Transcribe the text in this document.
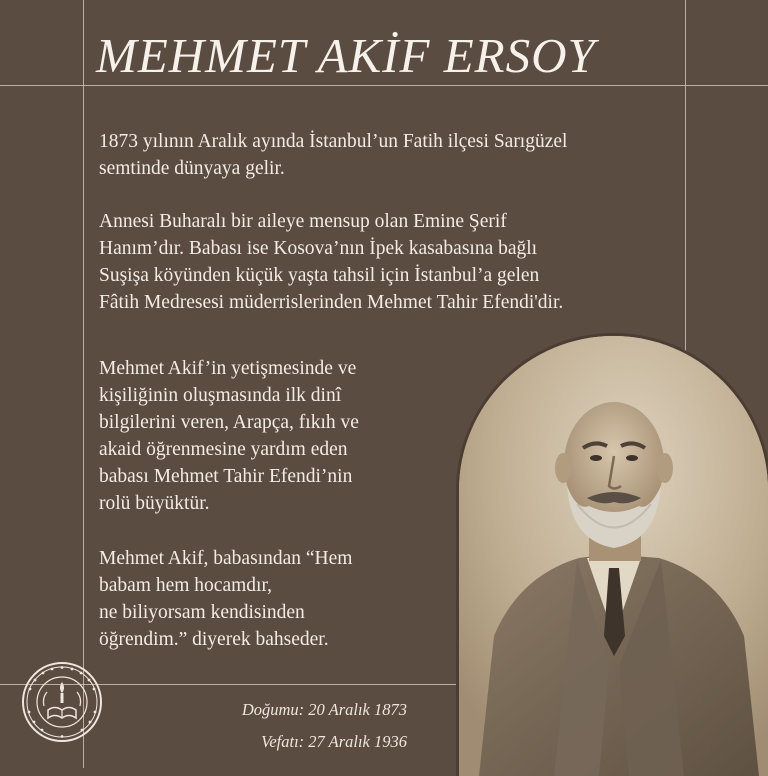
MEHMET AKİF ERSOY

1873 yılının Aralık ayında İstanbul’un Fatih ilçesi Sarıgüzel
semtinde dünyaya gelir.

Annesi Buharalı bir aileye mensup olan Emine Şerif
Hanım’dır. Babası ise Kosova’nın İpek kasabasına bağlı
Suşişa köyünden küçük yaşta tahsil için İstanbul’a gelen
Fâtih Medresesi müderrislerinden Mehmet Tahir Efendi'dir.

Mehmet Akif’in yetişmesinde ve
kişiliğinin oluşmasında ilk dinî
bilgilerini veren, Arapça, fıkıh ve
akaid öğrenmesine yardım eden
babası Mehmet Tahir Efendi’nin
rolü büyüktür.

Mehmet Akif, babasından “Hem
babam hem hocamdır,
ne biliyorsam kendisinden
öğrendim.” diyerek bahseder.

Doğumu: 20 Aralık 1873

Vefatı: 27 Aralık 1936
